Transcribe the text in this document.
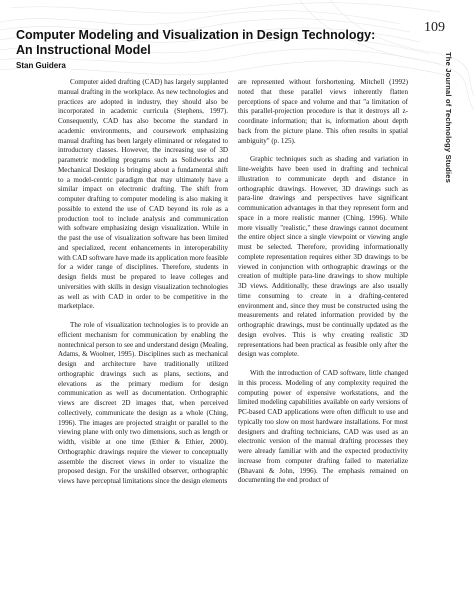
109
Computer Modeling and Visualization in Design Technology: An Instructional Model
Stan Guidera	The Journal of Technology Studies

Computer aided drafting (CAD) has largely supplanted manual drafting in the workplace. As new technologies and practices are adopted in industry, they should also be incorporated in academic curricula (Stephens, 1997). Consequently, CAD has also become the standard in academic environments, and coursework emphasizing manual drafting has been largely eliminated or relegated to introductory classes. However, the increasing use of 3D parametric modeling programs such as Solidworks and Mechanical Desktop is bringing about a fundamental shift to a model-centric paradigm that may ultimately have a similar impact on electronic drafting. The shift from computer drafting to computer modeling is also making it possible to extend the use of CAD beyond its role as a production tool to include analysis and communication with software emphasizing design visualization. While in the past the use of visualization software has been limited and specialized, recent enhancements in interoperability with CAD software have made its application more feasible for a wider range of disciplines. Therefore, students in design fields must be prepared to leave colleges and universities with skills in design visualization technologies as well as with CAD in order to be competitive in the marketplace.

The role of visualization technologies is to provide an efficient mechanism for communication by enabling the nontechnical person to see and understand design (Mealing, Adams, & Woolner, 1995). Disciplines such as mechanical design and architecture have traditionally utilized orthographic drawings such as plans, sections, and elevations as the primary medium for design communication as well as documentation. Orthographic views are discreet 2D images that, when perceived collectively, communicate the design as a whole (Ching, 1996). The images are projected straight or parallel to the viewing plane with only two dimensions, such as length or width, visible at one time (Ethier & Ethier, 2000). Orthographic drawings require the viewer to conceptually assemble the discreet views in order to visualize the proposed design. For the unskilled observer, orthographic views have perceptual limitations since the design elements

are represented without forshortening. Mitchell (1992) noted that these parallel views inherently flatten perceptions of space and volume and that "a limitation of this parallel-projection procedure is that it destroys all z-coordinate information; that is, information about depth back from the picture plane. This often results in spatial ambiguity" (p. 125).

Graphic techniques such as shading and variation in line-weights have been used in drafting and technical illustration to communicate depth and distance in orthographic drawings. However, 3D drawings such as para-line drawings and perspectives have significant communication advantages in that they represent form and space in a more realistic manner (Ching, 1996). While more visually "realistic," these drawings cannot document the entire object since a single viewpoint or viewing angle must be selected. Therefore, providing informationally complete representation requires either 3D drawings to be viewed in conjunction with orthographic drawings or the creation of multiple para-line drawings to show multiple 3D views. Additionally, these drawings are also usually time consuming to create in a drafting-centered environment and, since they must be constructed using the measurements and related information provided by the orthographic drawings, must be continually updated as the design evolves. This is why creating realistic 3D representations had been practical as feasible only after the design was complete.

With the introduction of CAD software, little changed in this process. Modeling of any complexity required the computing power of expensive workstations, and the limited modeling capabilities available on early versions of PC-based CAD applications were often difficult to use and typically too slow on most hardware installations. For most designers and drafting technicians, CAD was used as an electronic version of the manual drafting processes they were already familiar with and the expected productivity increase from computer drafting failed to materialize (Bhavani & John, 1996). The emphasis remained on documenting the end product of
